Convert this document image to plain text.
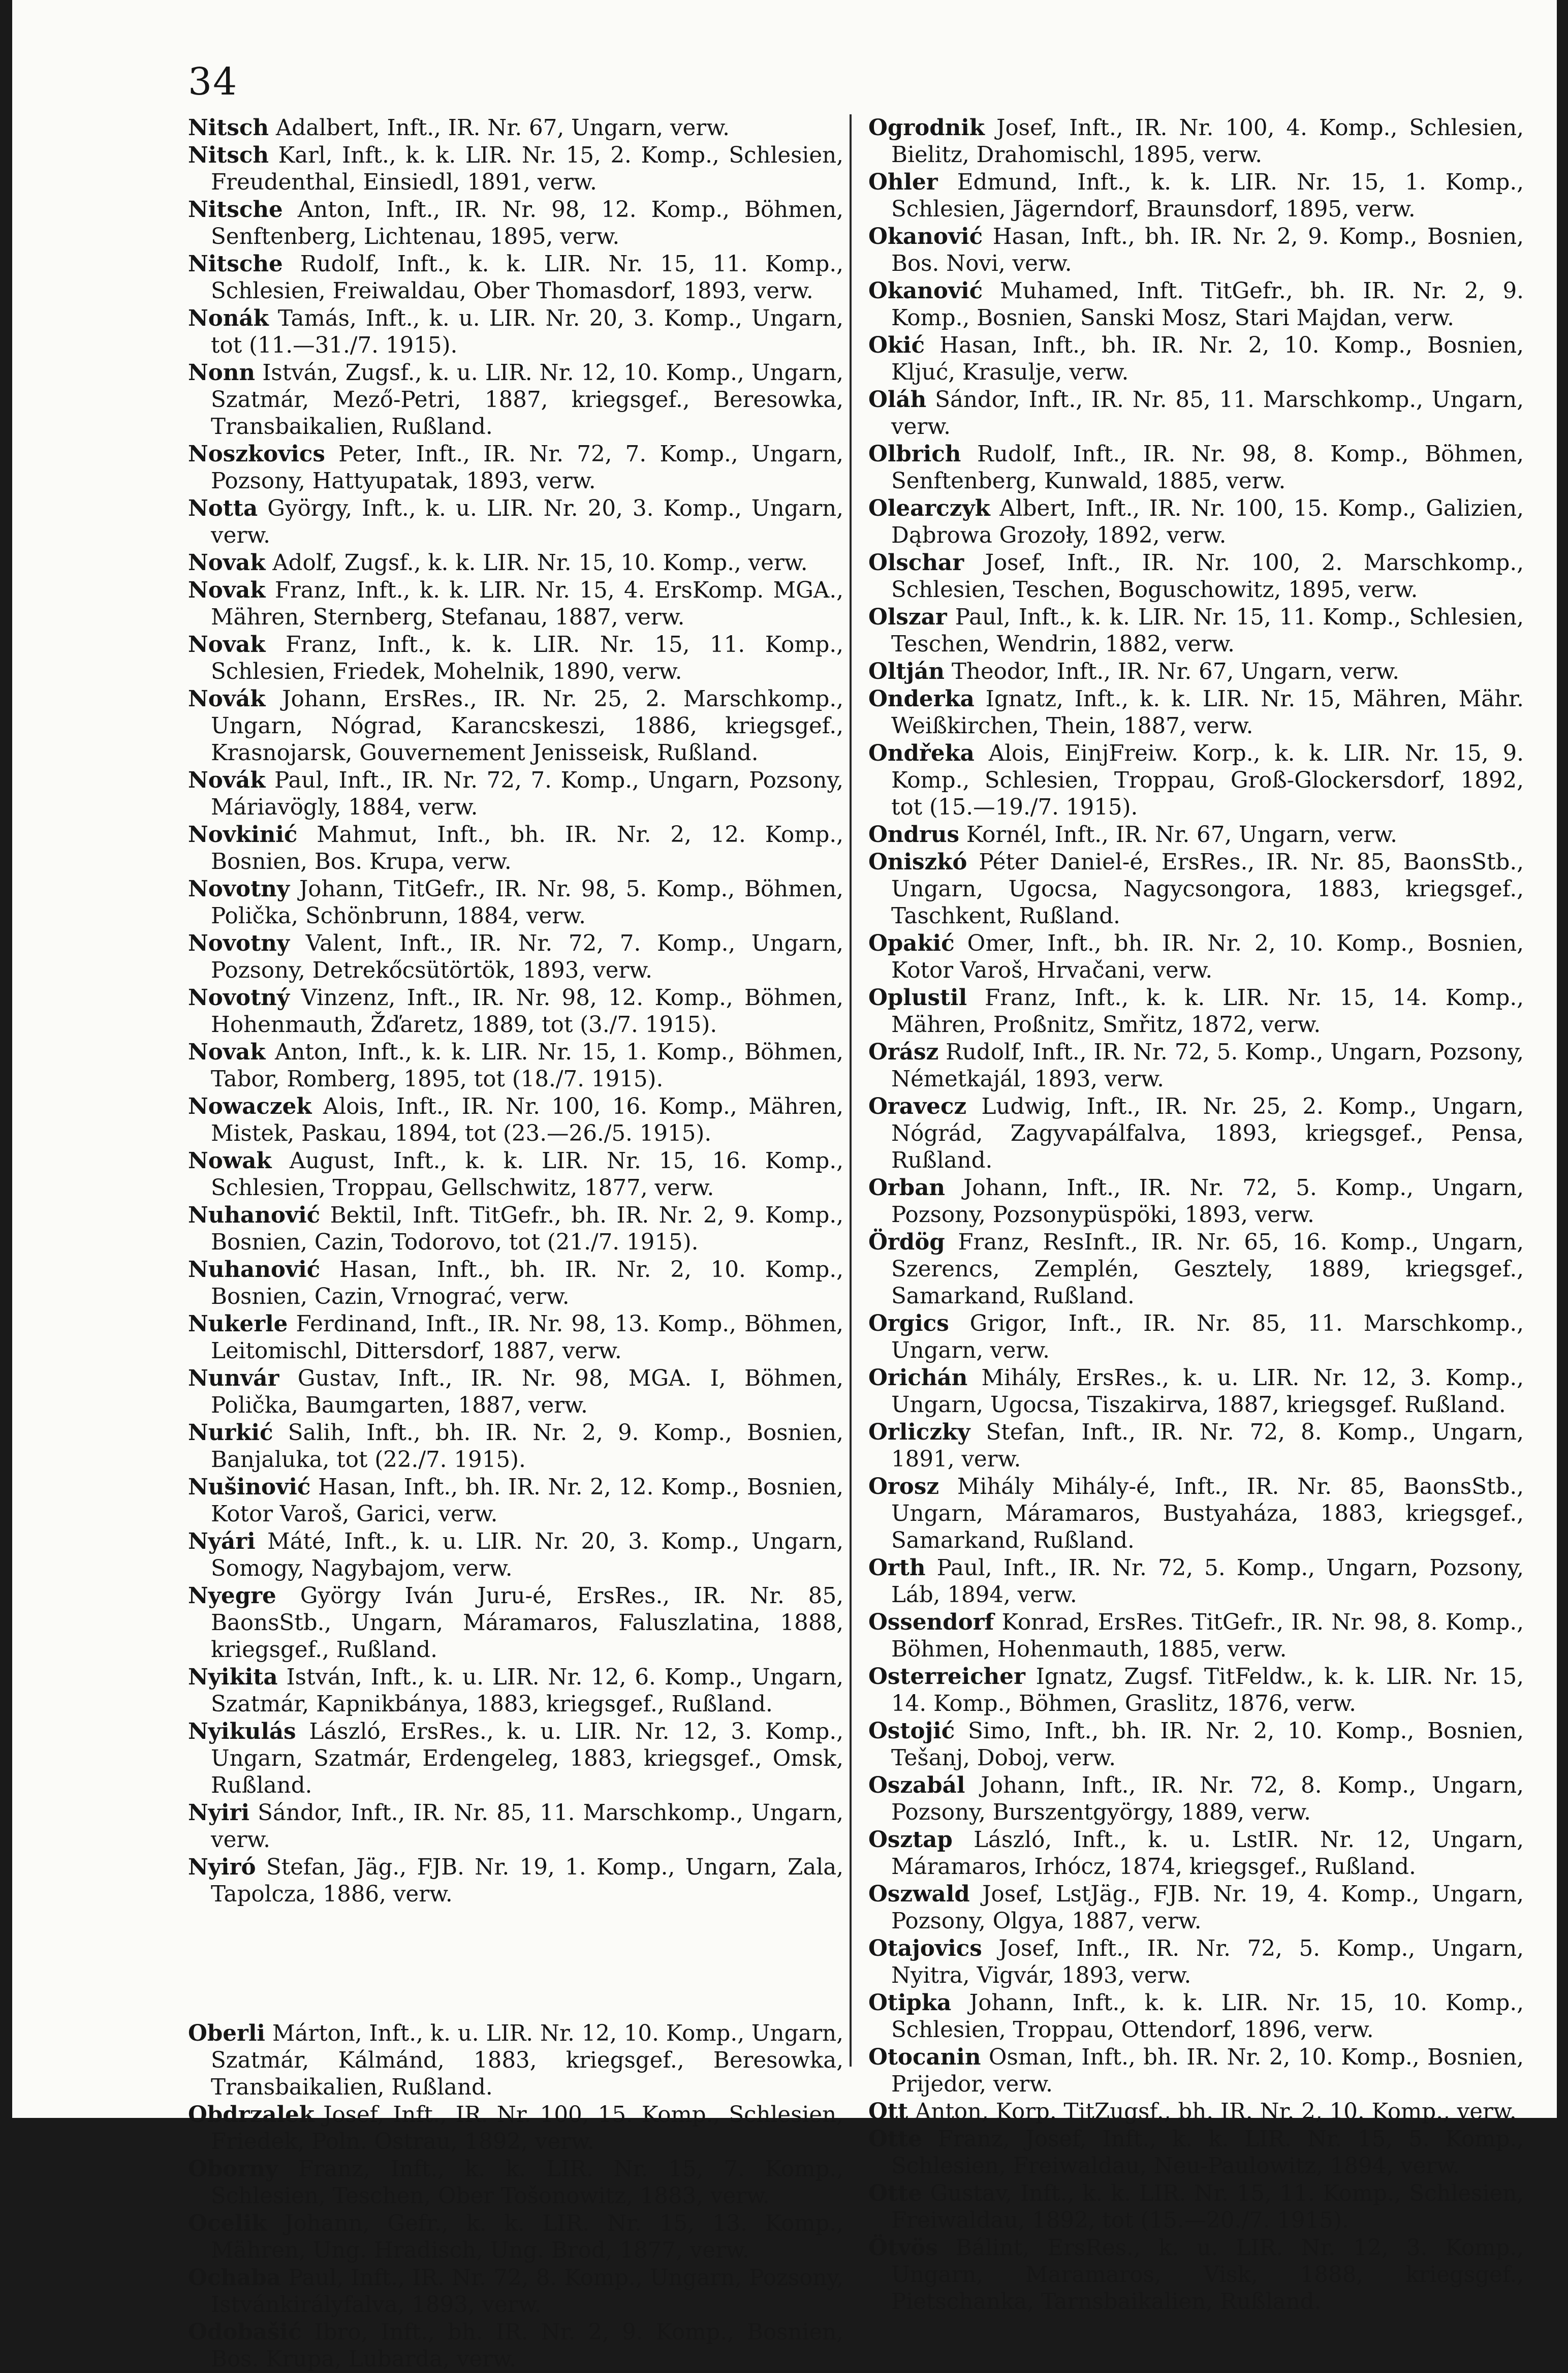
34

Nitsch Adalbert, Inft., IR. Nr. 67, Ungarn, verw.

Nitsch Karl, Inft., k. k. LIR. Nr. 15, 2. Komp., Schlesien, Freudenthal, Einsiedl, 1891, verw.

Nitsche Anton, Inft., IR. Nr. 98, 12. Komp., Böhmen, Senftenberg, Lichtenau, 1895, verw.

Nitsche Rudolf, Inft., k. k. LIR. Nr. 15, 11. Komp., Schlesien, Freiwaldau, Ober Thomasdorf, 1893, verw.

Nonák Tamás, Inft., k. u. LIR. Nr. 20, 3. Komp., Ungarn, tot (11.—31./7. 1915).

Nonn István, Zugsf., k. u. LIR. Nr. 12, 10. Komp., Ungarn, Szatmár, Mező-Petri, 1887, kriegsgef., Beresowka, Transbaikalien, Rußland.

Noszkovics Peter, Inft., IR. Nr. 72, 7. Komp., Ungarn, Pozsony, Hattyupatak, 1893, verw.

Notta György, Inft., k. u. LIR. Nr. 20, 3. Komp., Ungarn, verw.

Novak Adolf, Zugsf., k. k. LIR. Nr. 15, 10. Komp., verw.

Novak Franz, Inft., k. k. LIR. Nr. 15, 4. ErsKomp. MGA., Mähren, Sternberg, Stefanau, 1887, verw.

Novak Franz, Inft., k. k. LIR. Nr. 15, 11. Komp., Schlesien, Friedek, Mohelnik, 1890, verw.

Novák Johann, ErsRes., IR. Nr. 25, 2. Marschkomp., Ungarn, Nógrad, Karancskeszi, 1886, kriegsgef., Krasnojarsk, Gouvernement Jenisseisk, Rußland.

Novák Paul, Inft., IR. Nr. 72, 7. Komp., Ungarn, Pozsony, Máriavögly, 1884, verw.

Novkinić Mahmut, Inft., bh. IR. Nr. 2, 12. Komp., Bosnien, Bos. Krupa, verw.

Novotny Johann, TitGefr., IR. Nr. 98, 5. Komp., Böhmen, Polička, Schönbrunn, 1884, verw.

Novotny Valent, Inft., IR. Nr. 72, 7. Komp., Ungarn, Pozsony, Detrekőcsütörtök, 1893, verw.

Novotný Vinzenz, Inft., IR. Nr. 98, 12. Komp., Böhmen, Hohenmauth, Žďaretz, 1889, tot (3./7. 1915).

Novak Anton, Inft., k. k. LIR. Nr. 15, 1. Komp., Böhmen, Tabor, Romberg, 1895, tot (18./7. 1915).

Nowaczek Alois, Inft., IR. Nr. 100, 16. Komp., Mähren, Mistek, Paskau, 1894, tot (23.—26./5. 1915).

Nowak August, Inft., k. k. LIR. Nr. 15, 16. Komp., Schlesien, Troppau, Gellschwitz, 1877, verw.

Nuhanović Bektil, Inft. TitGefr., bh. IR. Nr. 2, 9. Komp., Bosnien, Cazin, Todorovo, tot (21./7. 1915).

Nuhanović Hasan, Inft., bh. IR. Nr. 2, 10. Komp., Bosnien, Cazin, Vrnograć, verw.

Nukerle Ferdinand, Inft., IR. Nr. 98, 13. Komp., Böhmen, Leitomischl, Dittersdorf, 1887, verw.

Nunvár Gustav, Inft., IR. Nr. 98, MGA. I, Böhmen, Polička, Baumgarten, 1887, verw.

Nurkić Salih, Inft., bh. IR. Nr. 2, 9. Komp., Bosnien, Banjaluka, tot (22./7. 1915).

Nušinović Hasan, Inft., bh. IR. Nr. 2, 12. Komp., Bosnien, Kotor Varoš, Garici, verw.

Nyári Máté, Inft., k. u. LIR. Nr. 20, 3. Komp., Ungarn, Somogy, Nagybajom, verw.

Nyegre György Iván Juru-é, ErsRes., IR. Nr. 85, BaonsStb., Ungarn, Máramaros, Faluszlatina, 1888, kriegsgef., Rußland.

Nyikita István, Inft., k. u. LIR. Nr. 12, 6. Komp., Ungarn, Szatmár, Kapnikbánya, 1883, kriegsgef., Rußland.

Nyikulás László, ErsRes., k. u. LIR. Nr. 12, 3. Komp., Ungarn, Szatmár, Erdengeleg, 1883, kriegsgef., Omsk, Rußland.

Nyiri Sándor, Inft., IR. Nr. 85, 11. Marschkomp., Ungarn, verw.

Nyiró Stefan, Jäg., FJB. Nr. 19, 1. Komp., Ungarn, Zala, Tapolcza, 1886, verw.

Oberli Márton, Inft., k. u. LIR. Nr. 12, 10. Komp., Ungarn, Szatmár, Kálmánd, 1883, kriegsgef., Beresowka, Transbaikalien, Rußland.

Obdrzalek Josef, Inft., IR. Nr. 100, 15. Komp., Schlesien, Friedek, Poln. Ostrau, 1892, verw.

Oborny Franz, Inft., k. k. LIR. Nr. 15, 7. Komp., Schlesien, Teschen, Ober Tošonowitz, 1883, verw.

Ocelik Johann, Gefr., k. k. LIR. Nr. 15, 13. Komp., Mähren, Ung. Hradisch, Ung. Brod, 1877, verw.

Ochaba Paul, Inft., IR. Nr. 72, 8. Komp., Ungarn, Pozsony, Istvánkirályfalva, 1893, verw.

Odobašić Ibro, Inft., bh. IR. Nr. 2, 9. Komp., Bosnien, Bos. Krupa, Lubarda, verw.

Ogrodnik Josef, Inft., IR. Nr. 100, 4. Komp., Schlesien, Bielitz, Drahomischl, 1895, verw.

Ohler Edmund, Inft., k. k. LIR. Nr. 15, 1. Komp., Schlesien, Jägerndorf, Braunsdorf, 1895, verw.

Okanović Hasan, Inft., bh. IR. Nr. 2, 9. Komp., Bosnien, Bos. Novi, verw.

Okanović Muhamed, Inft. TitGefr., bh. IR. Nr. 2, 9. Komp., Bosnien, Sanski Mosz, Stari Majdan, verw.

Okić Hasan, Inft., bh. IR. Nr. 2, 10. Komp., Bosnien, Kljuć, Krasulje, verw.

Oláh Sándor, Inft., IR. Nr. 85, 11. Marschkomp., Ungarn, verw.

Olbrich Rudolf, Inft., IR. Nr. 98, 8. Komp., Böhmen, Senftenberg, Kunwald, 1885, verw.

Olearczyk Albert, Inft., IR. Nr. 100, 15. Komp., Galizien, Dąbrowa Grozoły, 1892, verw.

Olschar Josef, Inft., IR. Nr. 100, 2. Marschkomp., Schlesien, Teschen, Boguschowitz, 1895, verw.

Olszar Paul, Inft., k. k. LIR. Nr. 15, 11. Komp., Schlesien, Teschen, Wendrin, 1882, verw.

Oltján Theodor, Inft., IR. Nr. 67, Ungarn, verw.

Onderka Ignatz, Inft., k. k. LIR. Nr. 15, Mähren, Mähr. Weißkirchen, Thein, 1887, verw.

Ondřeka Alois, EinjFreiw. Korp., k. k. LIR. Nr. 15, 9. Komp., Schlesien, Troppau, Groß-Glockersdorf, 1892, tot (15.—19./7. 1915).

Ondrus Kornél, Inft., IR. Nr. 67, Ungarn, verw.

Oniszkó Péter Daniel-é, ErsRes., IR. Nr. 85, BaonsStb., Ungarn, Ugocsa, Nagycsongora, 1883, kriegsgef., Taschkent, Rußland.

Opakić Omer, Inft., bh. IR. Nr. 2, 10. Komp., Bosnien, Kotor Varoš, Hrvačani, verw.

Oplustil Franz, Inft., k. k. LIR. Nr. 15, 14. Komp., Mähren, Proßnitz, Smřitz, 1872, verw.

Orász Rudolf, Inft., IR. Nr. 72, 5. Komp., Ungarn, Pozsony, Németkajál, 1893, verw.

Oravecz Ludwig, Inft., IR. Nr. 25, 2. Komp., Ungarn, Nógrád, Zagyvapálfalva, 1893, kriegsgef., Pensa, Rußland.

Orban Johann, Inft., IR. Nr. 72, 5. Komp., Ungarn, Pozsony, Pozsonypüspöki, 1893, verw.

Ördög Franz, ResInft., IR. Nr. 65, 16. Komp., Ungarn, Szerencs, Zemplén, Gesztely, 1889, kriegsgef., Samarkand, Rußland.

Orgics Grigor, Inft., IR. Nr. 85, 11. Marschkomp., Ungarn, verw.

Orichán Mihály, ErsRes., k. u. LIR. Nr. 12, 3. Komp., Ungarn, Ugocsa, Tiszakirva, 1887, kriegsgef. Rußland.

Orliczky Stefan, Inft., IR. Nr. 72, 8. Komp., Ungarn, 1891, verw.

Orosz Mihály Mihály-é, Inft., IR. Nr. 85, BaonsStb., Ungarn, Máramaros, Bustyaháza, 1883, kriegsgef., Samarkand, Rußland.

Orth Paul, Inft., IR. Nr. 72, 5. Komp., Ungarn, Pozsony, Láb, 1894, verw.

Ossendorf Konrad, ErsRes. TitGefr., IR. Nr. 98, 8. Komp., Böhmen, Hohenmauth, 1885, verw.

Osterreicher Ignatz, Zugsf. TitFeldw., k. k. LIR. Nr. 15, 14. Komp., Böhmen, Graslitz, 1876, verw.

Ostojić Simo, Inft., bh. IR. Nr. 2, 10. Komp., Bosnien, Tešanj, Doboj, verw.

Oszabál Johann, Inft., IR. Nr. 72, 8. Komp., Ungarn, Pozsony, Burszentgyörgy, 1889, verw.

Osztap László, Inft., k. u. LstIR. Nr. 12, Ungarn, Máramaros, Irhócz, 1874, kriegsgef., Rußland.

Oszwald Josef, LstJäg., FJB. Nr. 19, 4. Komp., Ungarn, Pozsony, Olgya, 1887, verw.

Otajovics Josef, Inft., IR. Nr. 72, 5. Komp., Ungarn, Nyitra, Vigvár, 1893, verw.

Otipka Johann, Inft., k. k. LIR. Nr. 15, 10. Komp., Schlesien, Troppau, Ottendorf, 1896, verw.

Otocanin Osman, Inft., bh. IR. Nr. 2, 10. Komp., Bosnien, Prijedor, verw.

Ott Anton, Korp. TitZugsf., bh. IR. Nr. 2, 10. Komp., verw.

Otte Franz, Josef, Inft., k. k. LIR. Nr. 15, 5. Komp., Schlesien, Freiwaldau, Neu-Paulowitz, 1894, verw.

Otte Gustav, Inft., k. k. LIR. Nr. 15, 11. Komp., Schlesien, Freiwaldau, 1892, tot (15.—20./7. 1915).

Ötvös Bálint, ErsRes., k. u. LIR. Nr. 12, 3. Komp., Ungarn, Maramaros, Visk, 1888, kriegsgef., Pietschanka, Tarnsbaikalien, Rußland.
